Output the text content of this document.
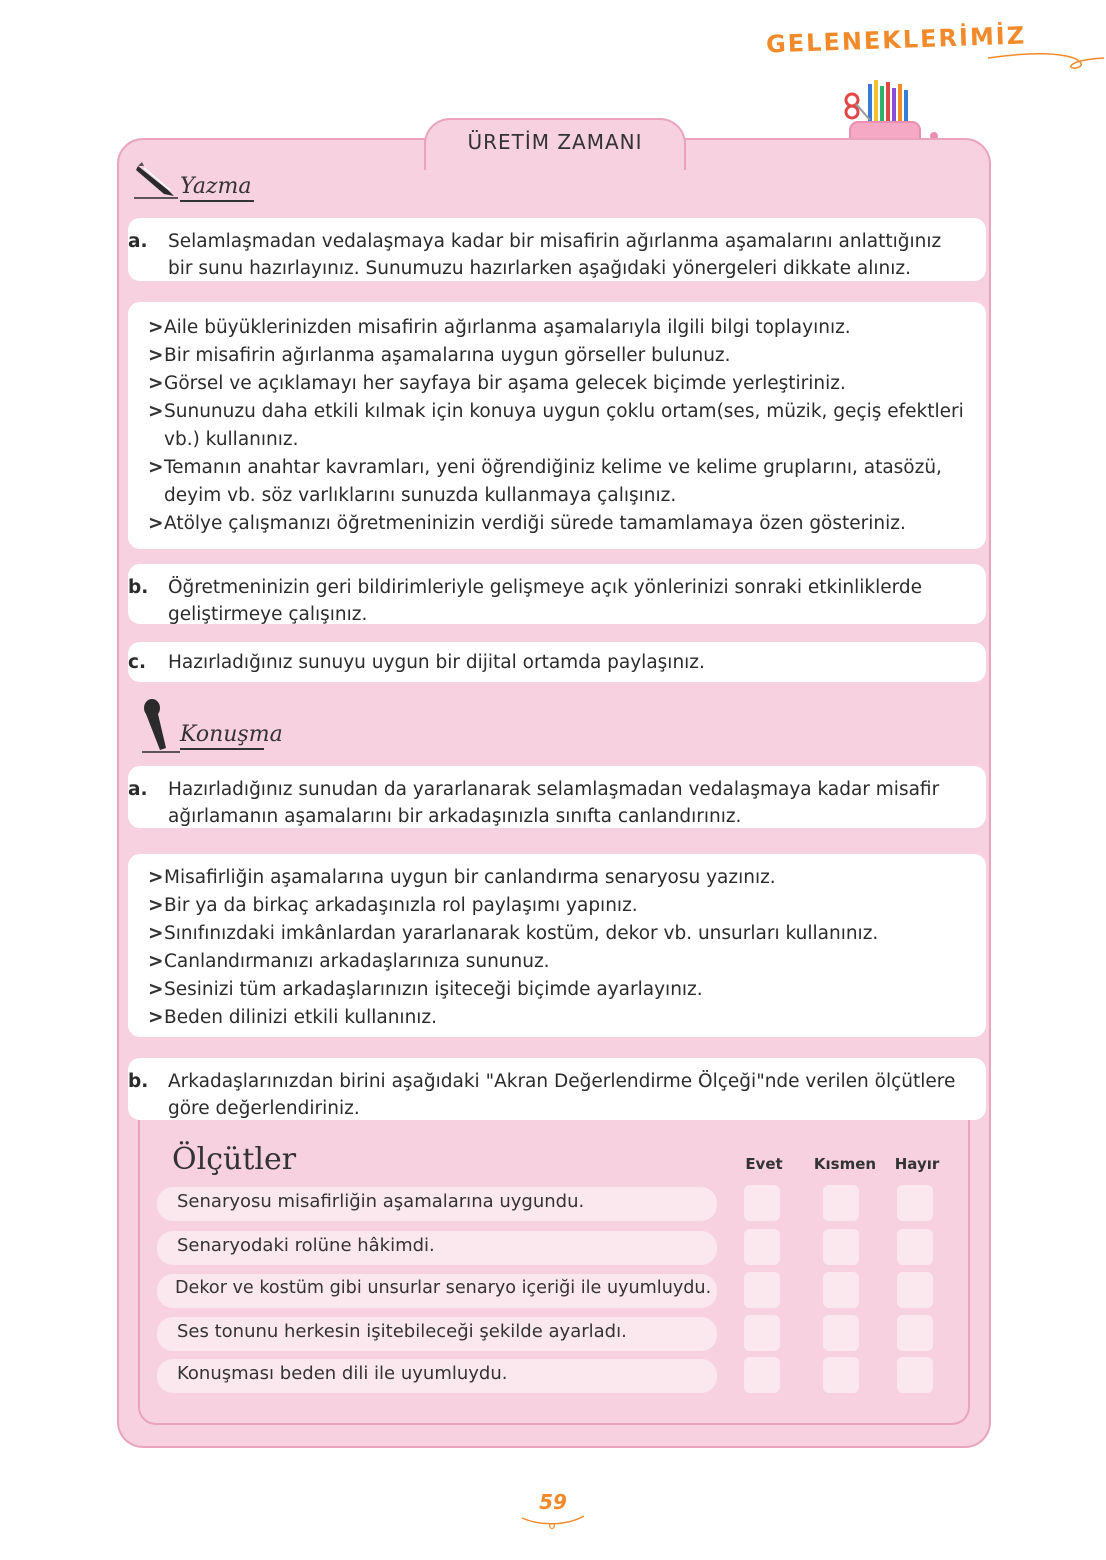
GELENEKLERİMİZ
ÜRETİM ZAMANI
Yazma
a. Selamlaşmadan vedalaşmaya kadar bir misafirin ağırlanma aşamalarını anlattığınız bir sunu hazırlayınız. Sunumuzu hazırlarken aşağıdaki yönergeleri dikkate alınız.
> Aile büyüklerinizden misafirin ağırlanma aşamalarıyla ilgili bilgi toplayınız.
> Bir misafirin ağırlanma aşamalarına uygun görseller bulunuz.
> Görsel ve açıklamayı her sayfaya bir aşama gelecek biçimde yerleştiriniz.
> Sununuzu daha etkili kılmak için konuya uygun çoklu ortam(ses, müzik, geçiş efektleri vb.) kullanınız.
> Temanın anahtar kavramları, yeni öğrendiğiniz kelime ve kelime gruplarını, atasözü, deyim vb. söz varlıklarını sunuzda kullanmaya çalışınız.
> Atölye çalışmanızı öğretmeninizin verdiği sürede tamamlamaya özen gösteriniz.
b. Öğretmeninizin geri bildirimleriyle gelişmeye açık yönlerinizi sonraki etkinliklerde geliştirmeye çalışınız.
c. Hazırladığınız sunuyu uygun bir dijital ortamda paylaşınız.
Konuşma
a. Hazırladığınız sunudan da yararlanarak selamlaşmadan vedalaşmaya kadar misafir ağırlamanın aşamalarını bir arkadaşınızla sınıfta canlandırınız.
> Misafirliğin aşamalarına uygun bir canlandırma senaryosu yazınız.
> Bir ya da birkaç arkadaşınızla rol paylaşımı yapınız.
> Sınıfınızdaki imkânlardan yararlanarak kostüm, dekor vb. unsurları kullanınız.
> Canlandırmanızı arkadaşlarınıza sununuz.
> Sesinizi tüm arkadaşlarınızın işiteceği biçimde ayarlayınız.
> Beden dilinizi etkili kullanınız.
b. Arkadaşlarınızdan birini aşağıdaki "Akran Değerlendirme Ölçeği"nde verilen ölçütlere göre değerlendiriniz.
Ölçütler	Evet	Kısmen	Hayır
Senaryosu misafirliğin aşamalarına uygundu.
Senaryodaki rolüne hâkimdi.
Dekor ve kostüm gibi unsurlar senaryo içeriği ile uyumluydu.
Ses tonunu herkesin işitebileceği şekilde ayarladı.
Konuşması beden dili ile uyumluydu.
59
